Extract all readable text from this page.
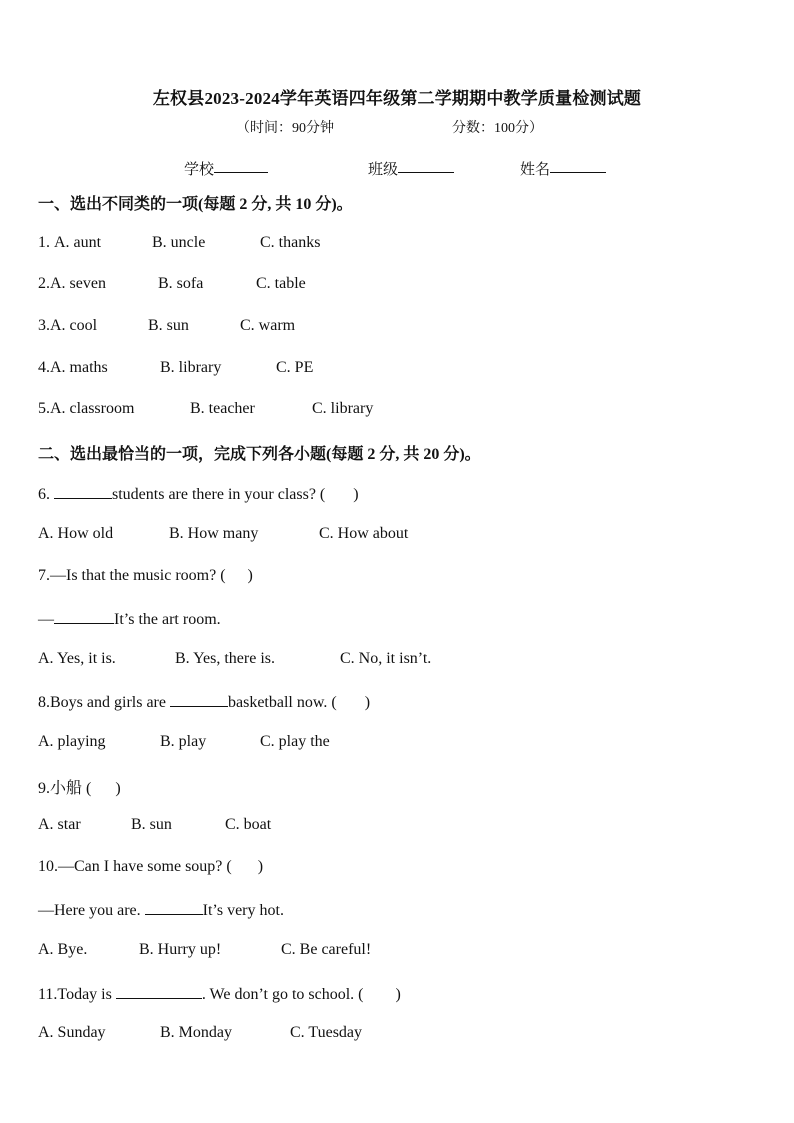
左权县2023-2024学年英语四年级第二学期期中教学质量检测试题
（时间：90分钟	分数：100分）
学校	班级	姓名
一、选出不同类的一项(每题 2 分, 共 10 分)。
1. A. aunt	B. uncle	C. thanks
2.A. seven	B. sofa	C. table
3.A. cool	B. sun	C. warm
4.A. maths	B. library	C. PE
5.A. classroom	B. teacher	C. library
二、选出最恰当的一项，完成下列各小题(每题 2 分, 共 20 分)。
6.	students are there in your class? ( )
A. How old	B. How many	C. How about
7.—Is that the music room? ( )
—	It’s the art room.
A. Yes, it is.	B. Yes, there is.	C. No, it isn’t.
8.Boys and girls are	basketball now. ( )
A. playing	B. play	C. play the
9.小船 ( )
A. star	B. sun	C. boat
10.—Can I have some soup? ( )
—Here you are.	It’s very hot.
A. Bye.	B. Hurry up!	C. Be careful!
11.Today is	. We don’t go to school. ( )
A. Sunday	B. Monday	C. Tuesday
